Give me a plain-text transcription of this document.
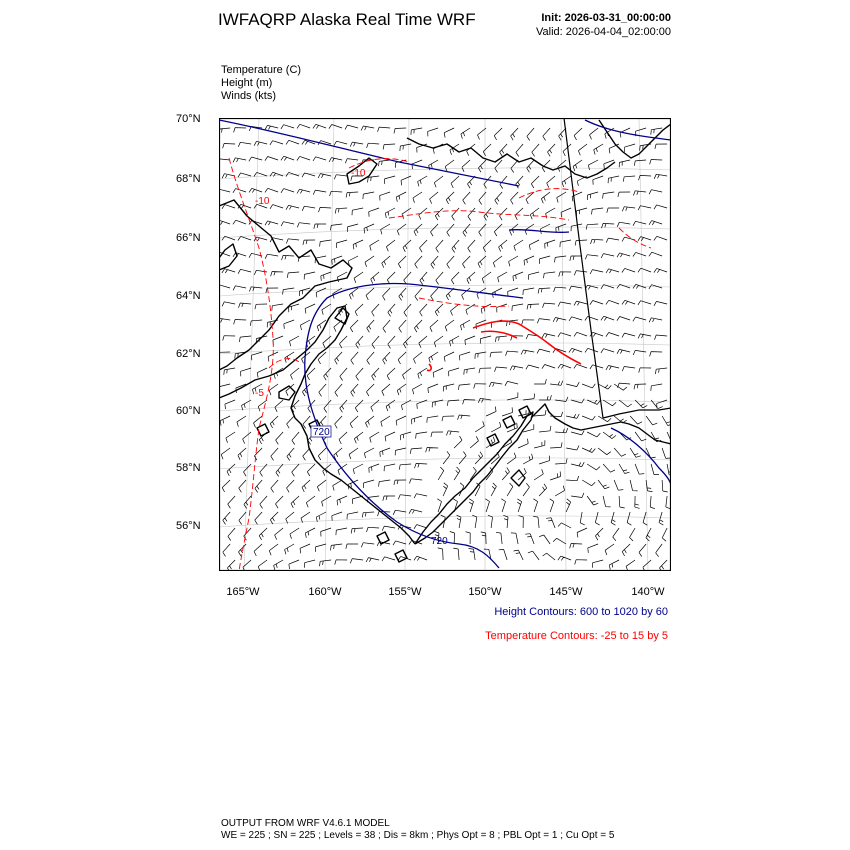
IWFAQRP Alaska Real Time WRF	Init: 2026-03-31_00:00:00
Valid: 2026-04-04_02:00:00
Temperature (C)
Height (m)
Winds (kts)
70°N
68°N
66°N
64°N
62°N
60°N
58°N
56°N
165°W	160°W	155°W	150°W	145°W	140°W
720
720
-10
-10
-5
Height Contours: 600 to 1020 by 60
Temperature Contours: -25 to 15 by 5
OUTPUT FROM WRF V4.6.1 MODEL
WE = 225 ; SN = 225 ; Levels = 38 ; Dis = 8km ; Phys Opt = 8 ; PBL Opt = 1 ; Cu Opt = 5
